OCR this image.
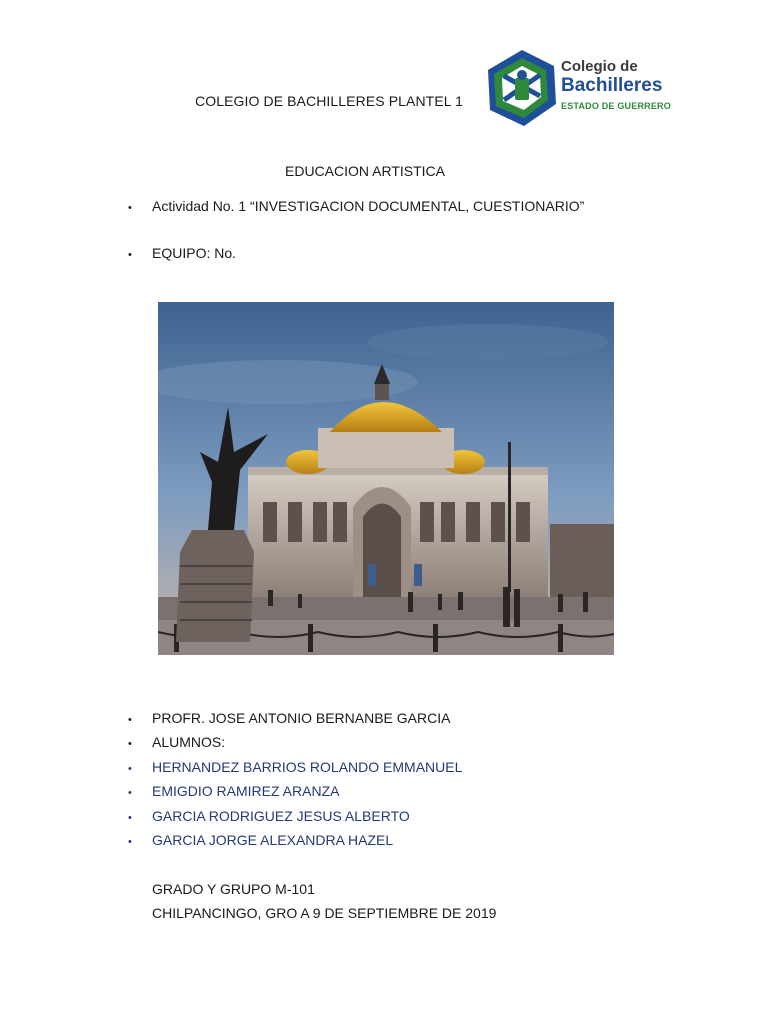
COLEGIO DE BACHILLERES PLANTEL 1
Colegio de
Bachilleres
ESTADO DE GUERRERO
EDUCACION ARTISTICA
•	Actividad No. 1 “INVESTIGACION DOCUMENTAL, CUESTIONARIO”
•	EQUIPO: No.
•	PROFR. JOSE ANTONIO BERNANBE GARCIA
•	ALUMNOS:
•	HERNANDEZ BARRIOS ROLANDO EMMANUEL
•	EMIGDIO RAMIREZ ARANZA
•	GARCIA RODRIGUEZ JESUS ALBERTO
•	GARCIA JORGE ALEXANDRA HAZEL
GRADO Y GRUPO M-101
CHILPANCINGO, GRO A 9 DE SEPTIEMBRE DE 2019
